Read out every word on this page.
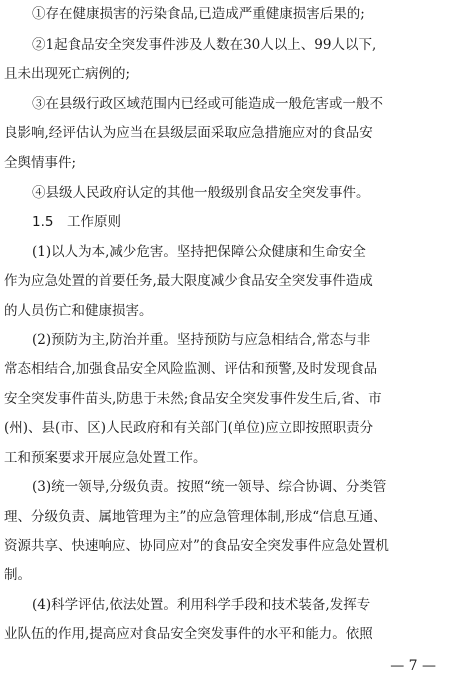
①存在健康损害的污染食品,已造成严重健康损害后果的;
②1起食品安全突发事件涉及人数在30人以上、99人以下,
且未出现死亡病例的;
③在县级行政区域范围内已经或可能造成一般危害或一般不
良影响,经评估认为应当在县级层面采取应急措施应对的食品安
全舆情事件;
④县级人民政府认定的其他一般级别食品安全突发事件。
1.5　工作原则
(1)以人为本,减少危害。坚持把保障公众健康和生命安全
作为应急处置的首要任务,最大限度减少食品安全突发事件造成
的人员伤亡和健康损害。
(2)预防为主,防治并重。坚持预防与应急相结合,常态与非
常态相结合,加强食品安全风险监测、评估和预警,及时发现食品
安全突发事件苗头,防患于未然;食品安全突发事件发生后,省、市
(州)、县(市、区)人民政府和有关部门(单位)应立即按照职责分
工和预案要求开展应急处置工作。
(3)统一领导,分级负责。按照“统一领导、综合协调、分类管
理、分级负责、属地管理为主”的应急管理体制,形成“信息互通、
资源共享、快速响应、协同应对”的食品安全突发事件应急处置机
制。
(4)科学评估,依法处置。利用科学手段和技术装备,发挥专
业队伍的作用,提高应对食品安全突发事件的水平和能力。依照
— 7 —
